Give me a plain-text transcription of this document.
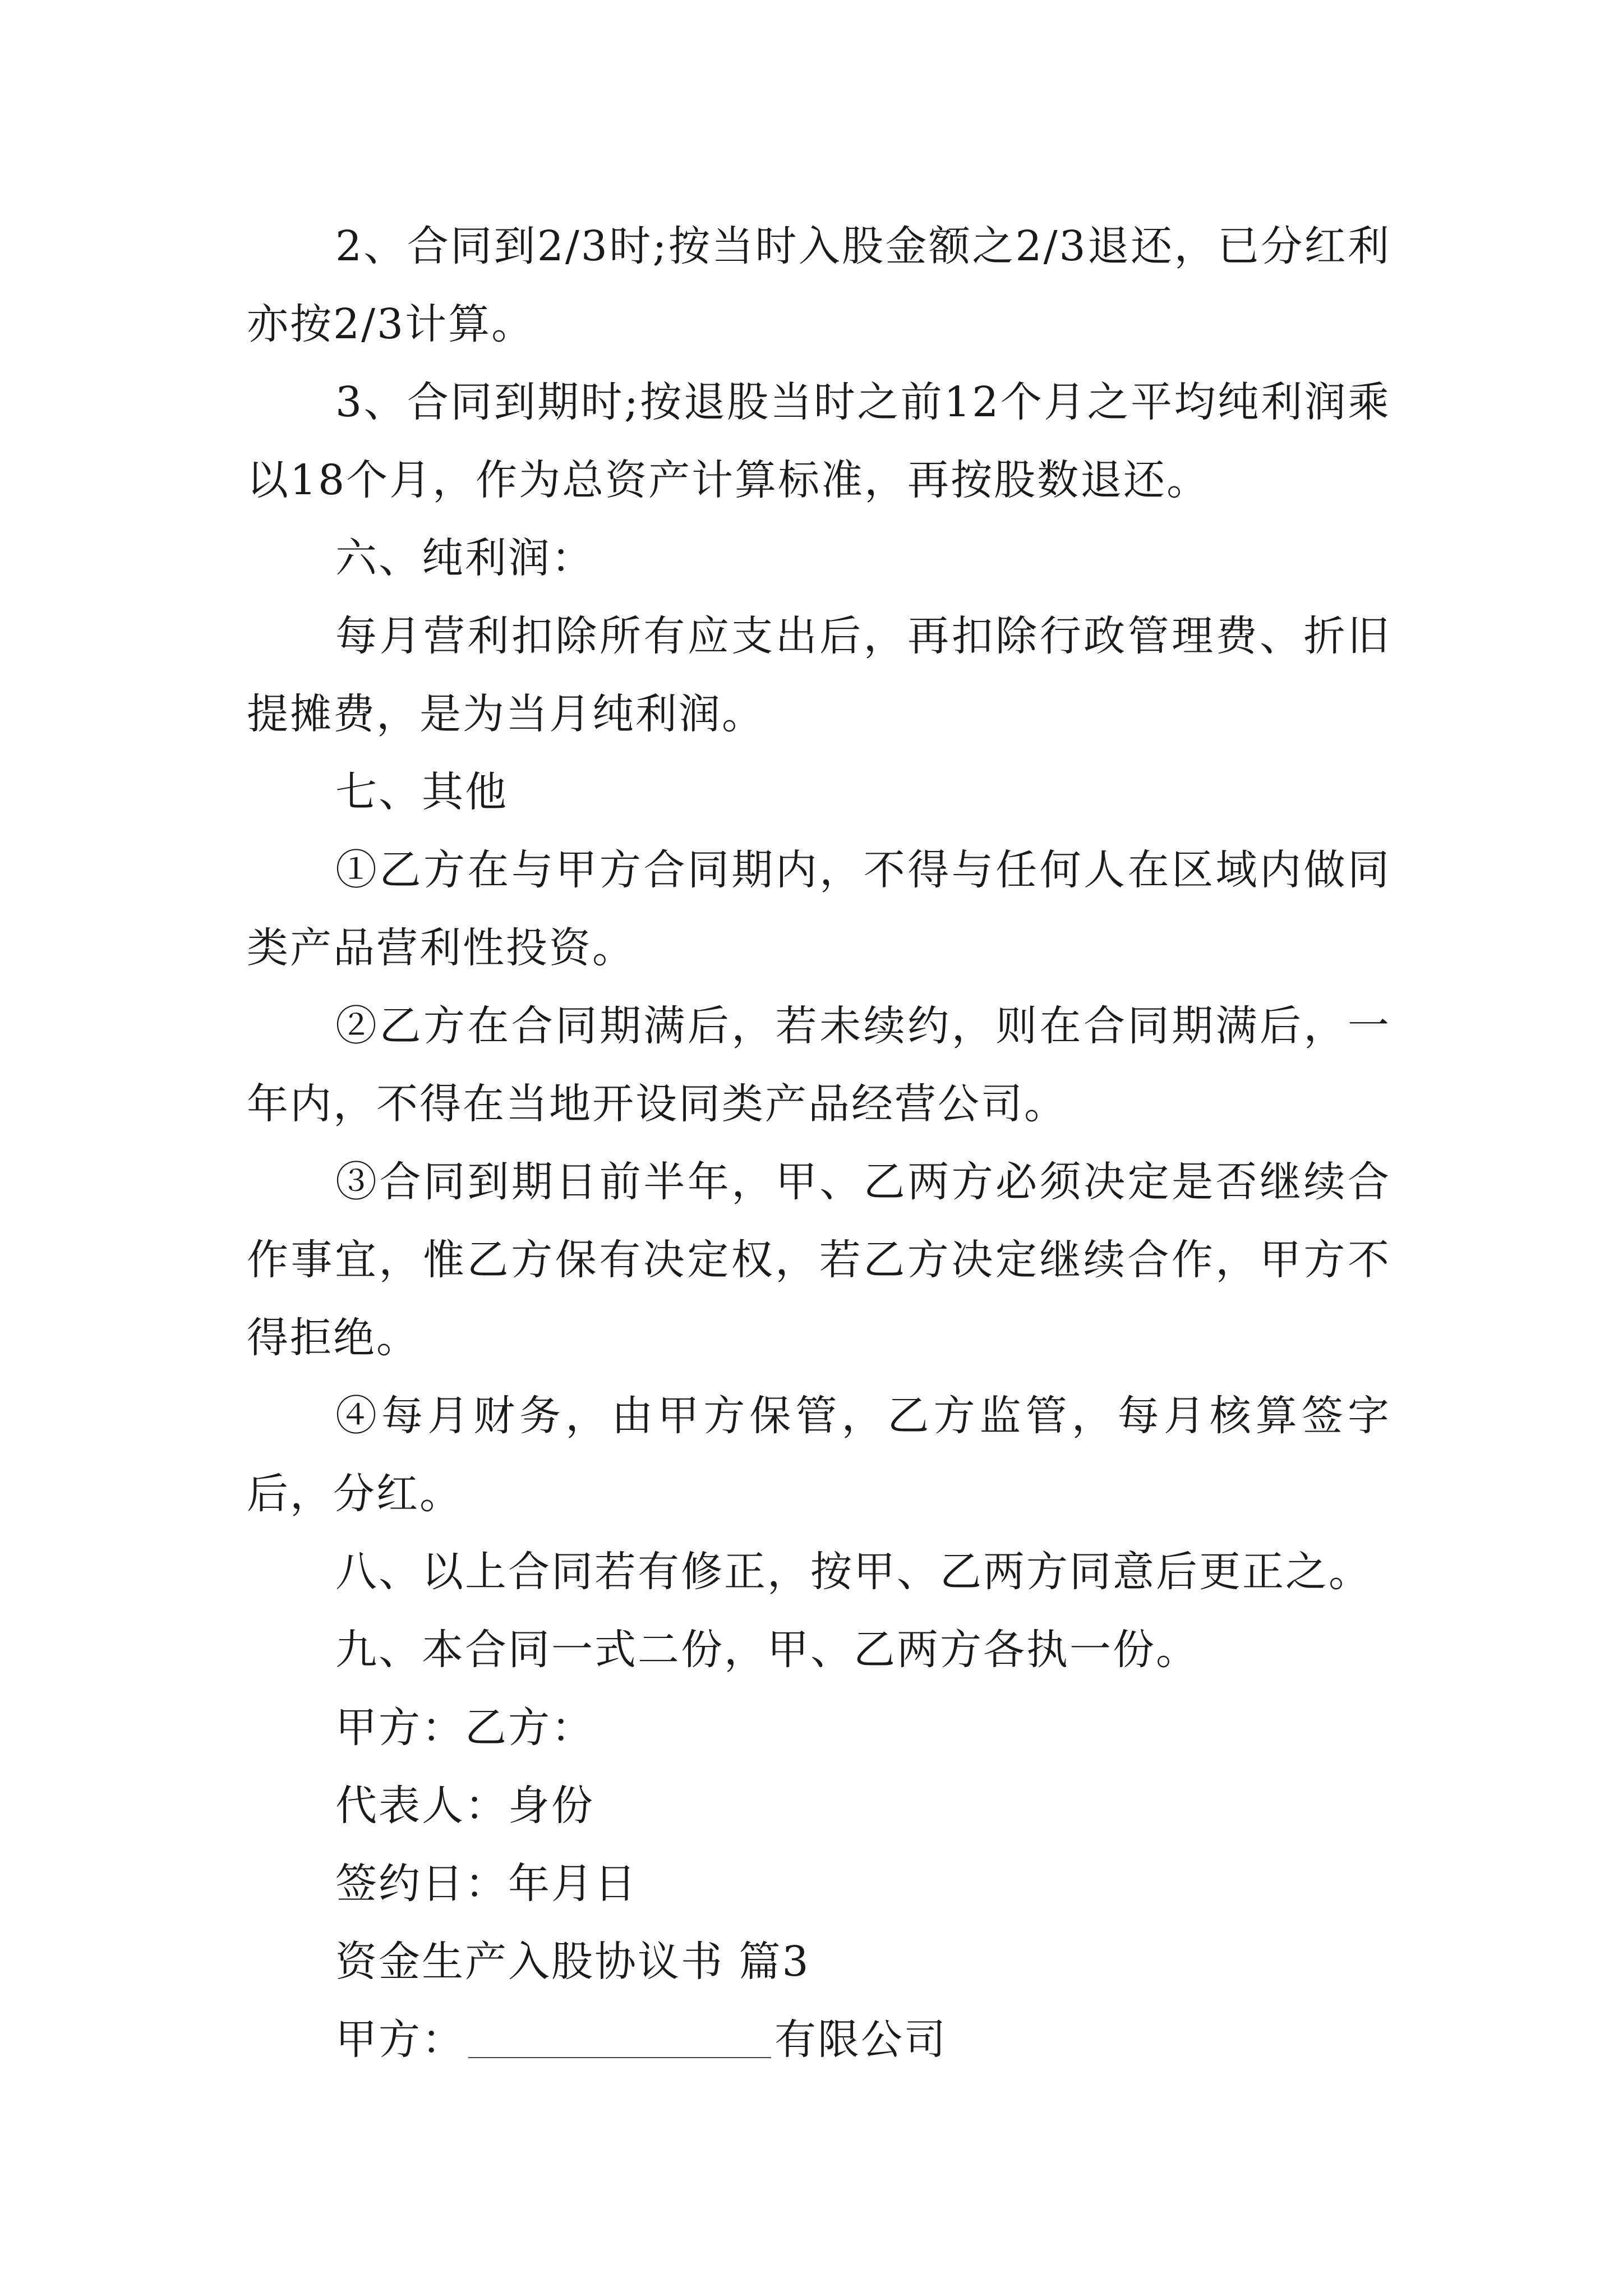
2、合同到2/3时;按当时入股金额之2/3退还，已分红利亦按2/3计算。

3、合同到期时;按退股当时之前12个月之平均纯利润乘以18个月，作为总资产计算标准，再按股数退还。

六、纯利润：

每月营利扣除所有应支出后，再扣除行政管理费、折旧提摊费，是为当月纯利润。

七、其他

①乙方在与甲方合同期内，不得与任何人在区域内做同类产品营利性投资。

②乙方在合同期满后，若未续约，则在合同期满后，一年内，不得在当地开设同类产品经营公司。

③合同到期日前半年，甲、乙两方必须决定是否继续合作事宜，惟乙方保有决定权，若乙方决定继续合作，甲方不得拒绝。

④每月财务，由甲方保管，乙方监管，每月核算签字后，分红。

八、以上合同若有修正，按甲、乙两方同意后更正之。

九、本合同一式二份，甲、乙两方各执一份。

甲方：乙方：

代表人：身份

签约日：年月日

资金生产入股协议书 篇3

甲方：	有限公司
